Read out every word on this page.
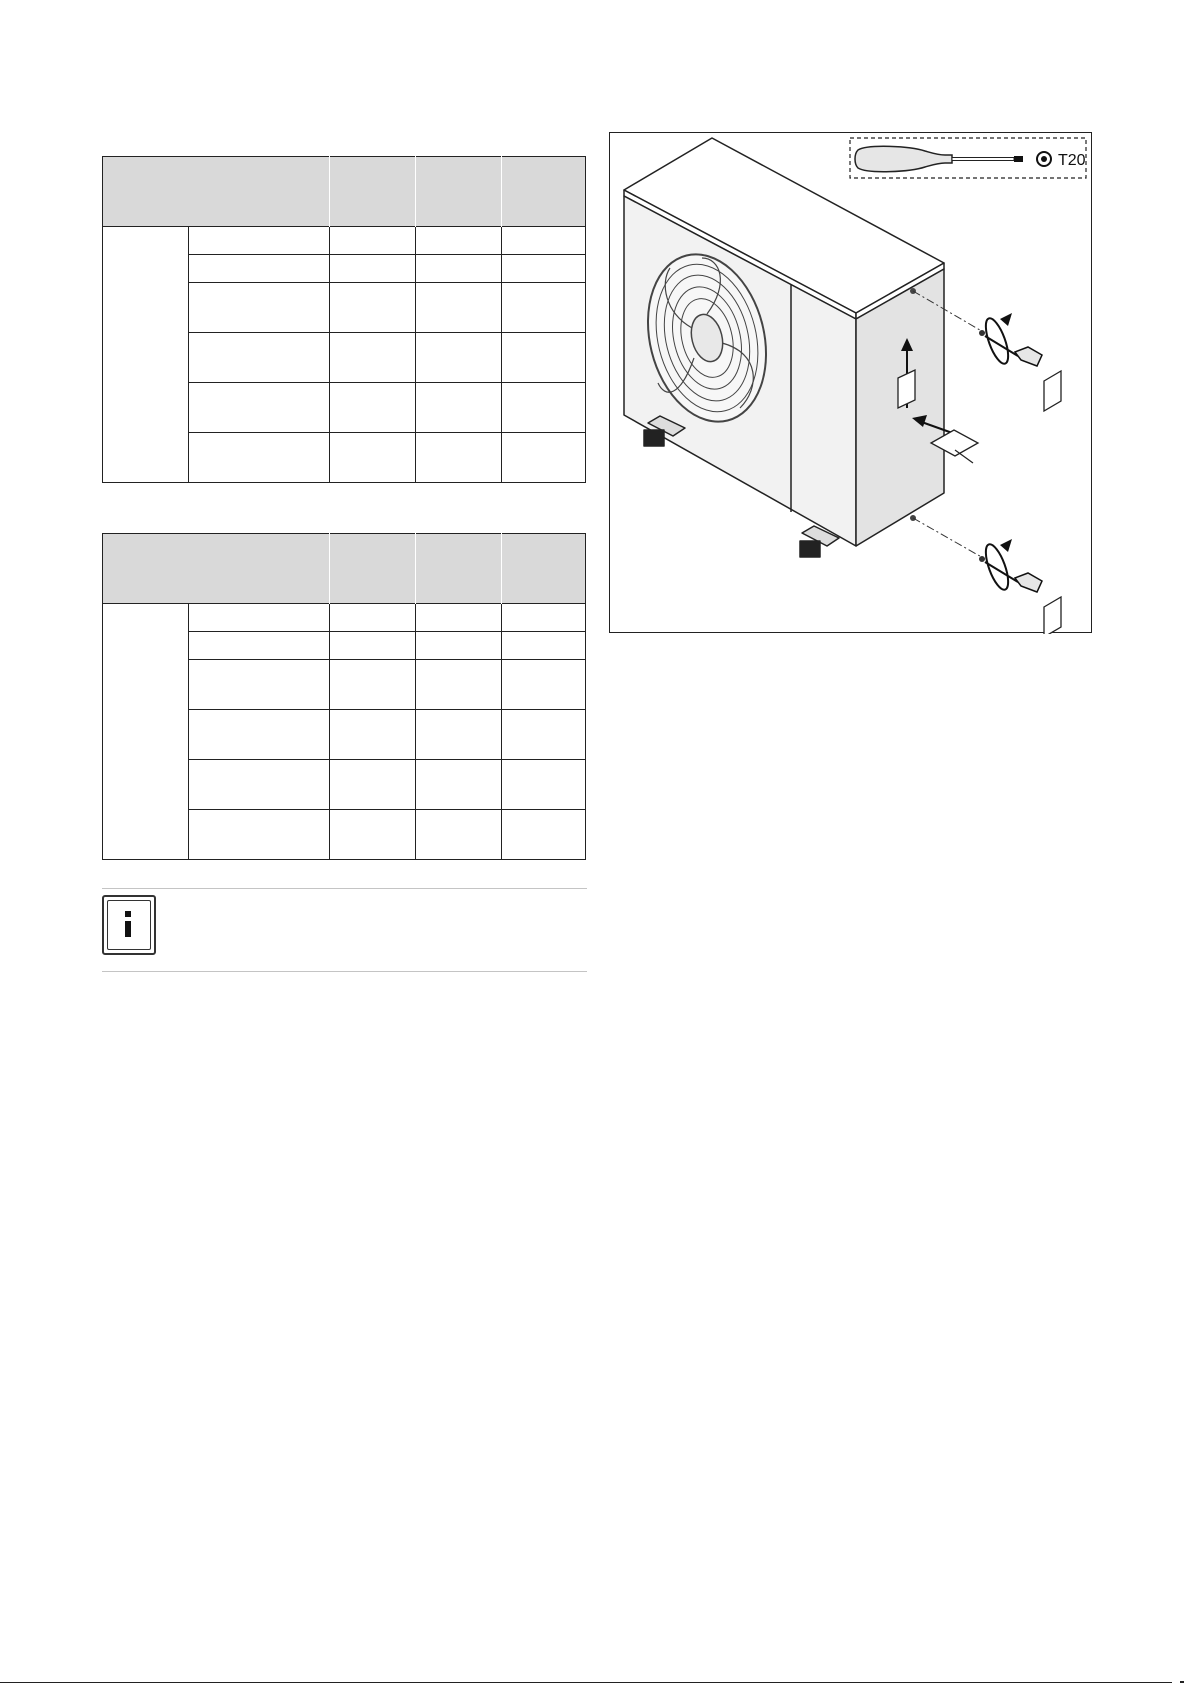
T20
